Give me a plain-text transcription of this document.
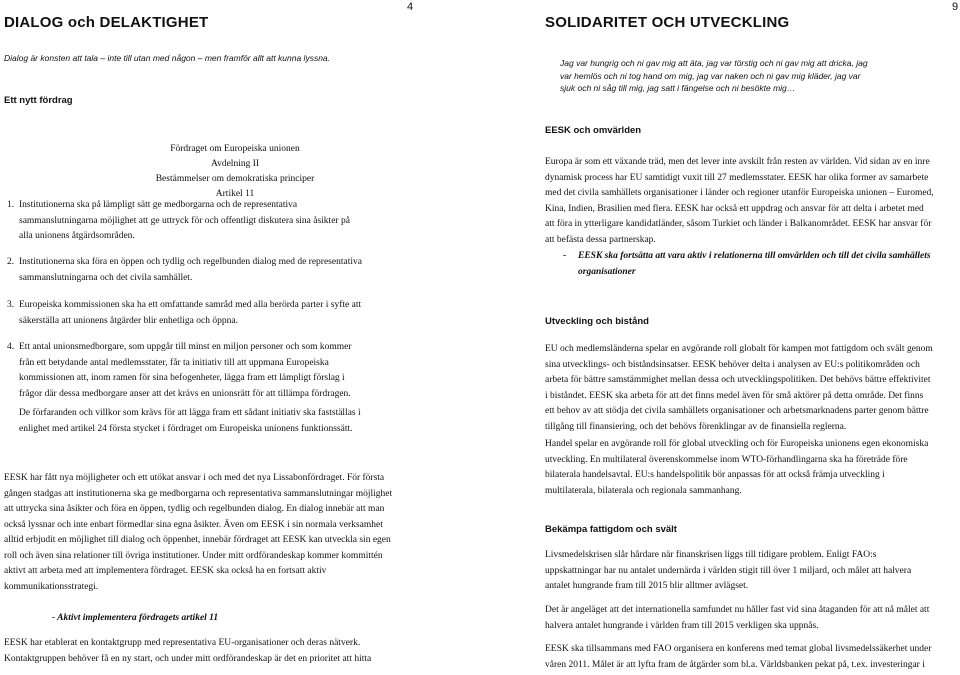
DIALOG och DELAKTIGHET
4
Dialog är konsten att tala – inte till utan med någon – men framför allt att kunna lyssna.
Ett nytt fördrag
Fördraget om Europeiska unionen
Avdelning II
Bestämmelser om demokratiska principer
Artikel 11
1. Institutionerna ska på lämpligt sätt ge medborgarna och de representativa
sammanslutningarna möjlighet att ge uttryck för och offentligt diskutera sina åsikter på
alla unionens åtgärdsområden.
2. Institutionerna ska föra en öppen och tydlig och regelbunden dialog med de representativa
sammanslutningarna och det civila samhället.
3. Europeiska kommissionen ska ha ett omfattande samråd med alla berörda parter i syfte att
säkerställa att unionens åtgärder blir enhetliga och öppna.
4. Ett antal unionsmedborgare, som uppgår till minst en miljon personer och som kommer
från ett betydande antal medlemsstater, får ta initiativ till att uppmana Europeiska
kommissionen att, inom ramen för sina befogenheter, lägga fram ett lämpligt förslag i
frågor där dessa medborgare anser att det krävs en unionsrätt för att tillämpa fördragen.
De förfaranden och villkor som krävs för att lägga fram ett sådant initiativ ska fastställas i
enlighet med artikel 24 första stycket i fördraget om Europeiska unionens funktionssätt.
EESK har fått nya möjligheter och ett utökat ansvar i och med det nya Lissabonfördraget. För första
gången stadgas att institutionerna ska ge medborgarna och representativa sammanslutningar möjlighet
att uttrycka sina åsikter och föra en öppen, tydlig och regelbunden dialog. En dialog innebär att man
också lyssnar och inte enbart förmedlar sina egna åsikter. Även om EESK i sin normala verksamhet
alltid erbjudit en möjlighet till dialog och öppenhet, innebär fördraget att EESK kan utveckla sin egen
roll och även sina relationer till övriga institutioner. Under mitt ordförandeskap kommer kommittén
aktivt att arbeta med att implementera fördraget. EESK ska också ha en fortsatt aktiv
kommunikationsstrategi.
- Aktivt implementera fördragets artikel 11
EESK har etablerat en kontaktgrupp med representativa EU-organisationer och deras nätverk.
Kontaktgruppen behöver få en ny start, och under mitt ordförandeskap är det en prioritet att hitta
SOLIDARITET OCH UTVECKLING
9
Jag var hungrig och ni gav mig att äta, jag var törstig och ni gav mig att dricka, jag
var hemlös och ni tog hand om mig, jag var naken och ni gav mig kläder, jag var
sjuk och ni såg till mig, jag satt i fängelse och ni besökte mig…
EESK och omvärlden
Europa är som ett växande träd, men det lever inte avskilt från resten av världen. Vid sidan av en inre
dynamisk process har EU samtidigt vuxit till 27 medlemsstater. EESK har olika former av samarbete
med det civila samhällets organisationer i länder och regioner utanför Europeiska unionen – Euromed,
Kina, Indien, Brasilien med flera. EESK har också ett uppdrag och ansvar för att delta i arbetet med
att föra in ytterligare kandidatländer, såsom Turkiet och länder i Balkanområdet. EESK har ansvar för
att befästa dessa partnerskap.
- EESK ska fortsätta att vara aktiv i relationerna till omvärlden och till det civila samhällets
organisationer
Utveckling och bistånd
EU och medlemsländerna spelar en avgörande roll globalt för kampen mot fattigdom och svält genom
sina utvecklings- och biståndsinsatser. EESK behöver delta i analysen av EU:s politikområden och
arbeta för bättre samstämmighet mellan dessa och utvecklingspolitiken. Det behövs bättre effektivitet
i biståndet. EESK ska arbeta för att det finns medel även för små aktörer på detta område. Det finns
ett behov av att stödja det civila samhällets organisationer och arbetsmarknadens parter genom bättre
tillgång till finansiering, och det behövs förenklingar av de finansiella reglerna.
Handel spelar en avgörande roll för global utveckling och för Europeiska unionens egen ekonomiska
utveckling. En multilateral överenskommelse inom WTO-förhandlingarna ska ha företräde före
bilaterala handelsavtal. EU:s handelspolitik bör anpassas för att också främja utveckling i
multilaterala, bilaterala och regionala sammanhang.
Bekämpa fattigdom och svält
Livsmedelskrisen slår hårdare när finanskrisen liggs till tidigare problem. Enligt FAO:s
uppskattningar har nu antalet undernärda i världen stigit till över 1 miljard, och målet att halvera
antalet hungrande fram till 2015 blir alltmer avlägset.
Det är angeläget att det internationella samfundet nu håller fast vid sina åtaganden för att nå målet att
halvera antalet hungrande i världen fram till 2015 verkligen ska uppnås.
EESK ska tillsammans med FAO organisera en konferens med temat global livsmedelssäkerhet under
våren 2011. Målet är att lyfta fram de åtgärder som bl.a. Världsbanken pekat på, t.ex. investeringar i
